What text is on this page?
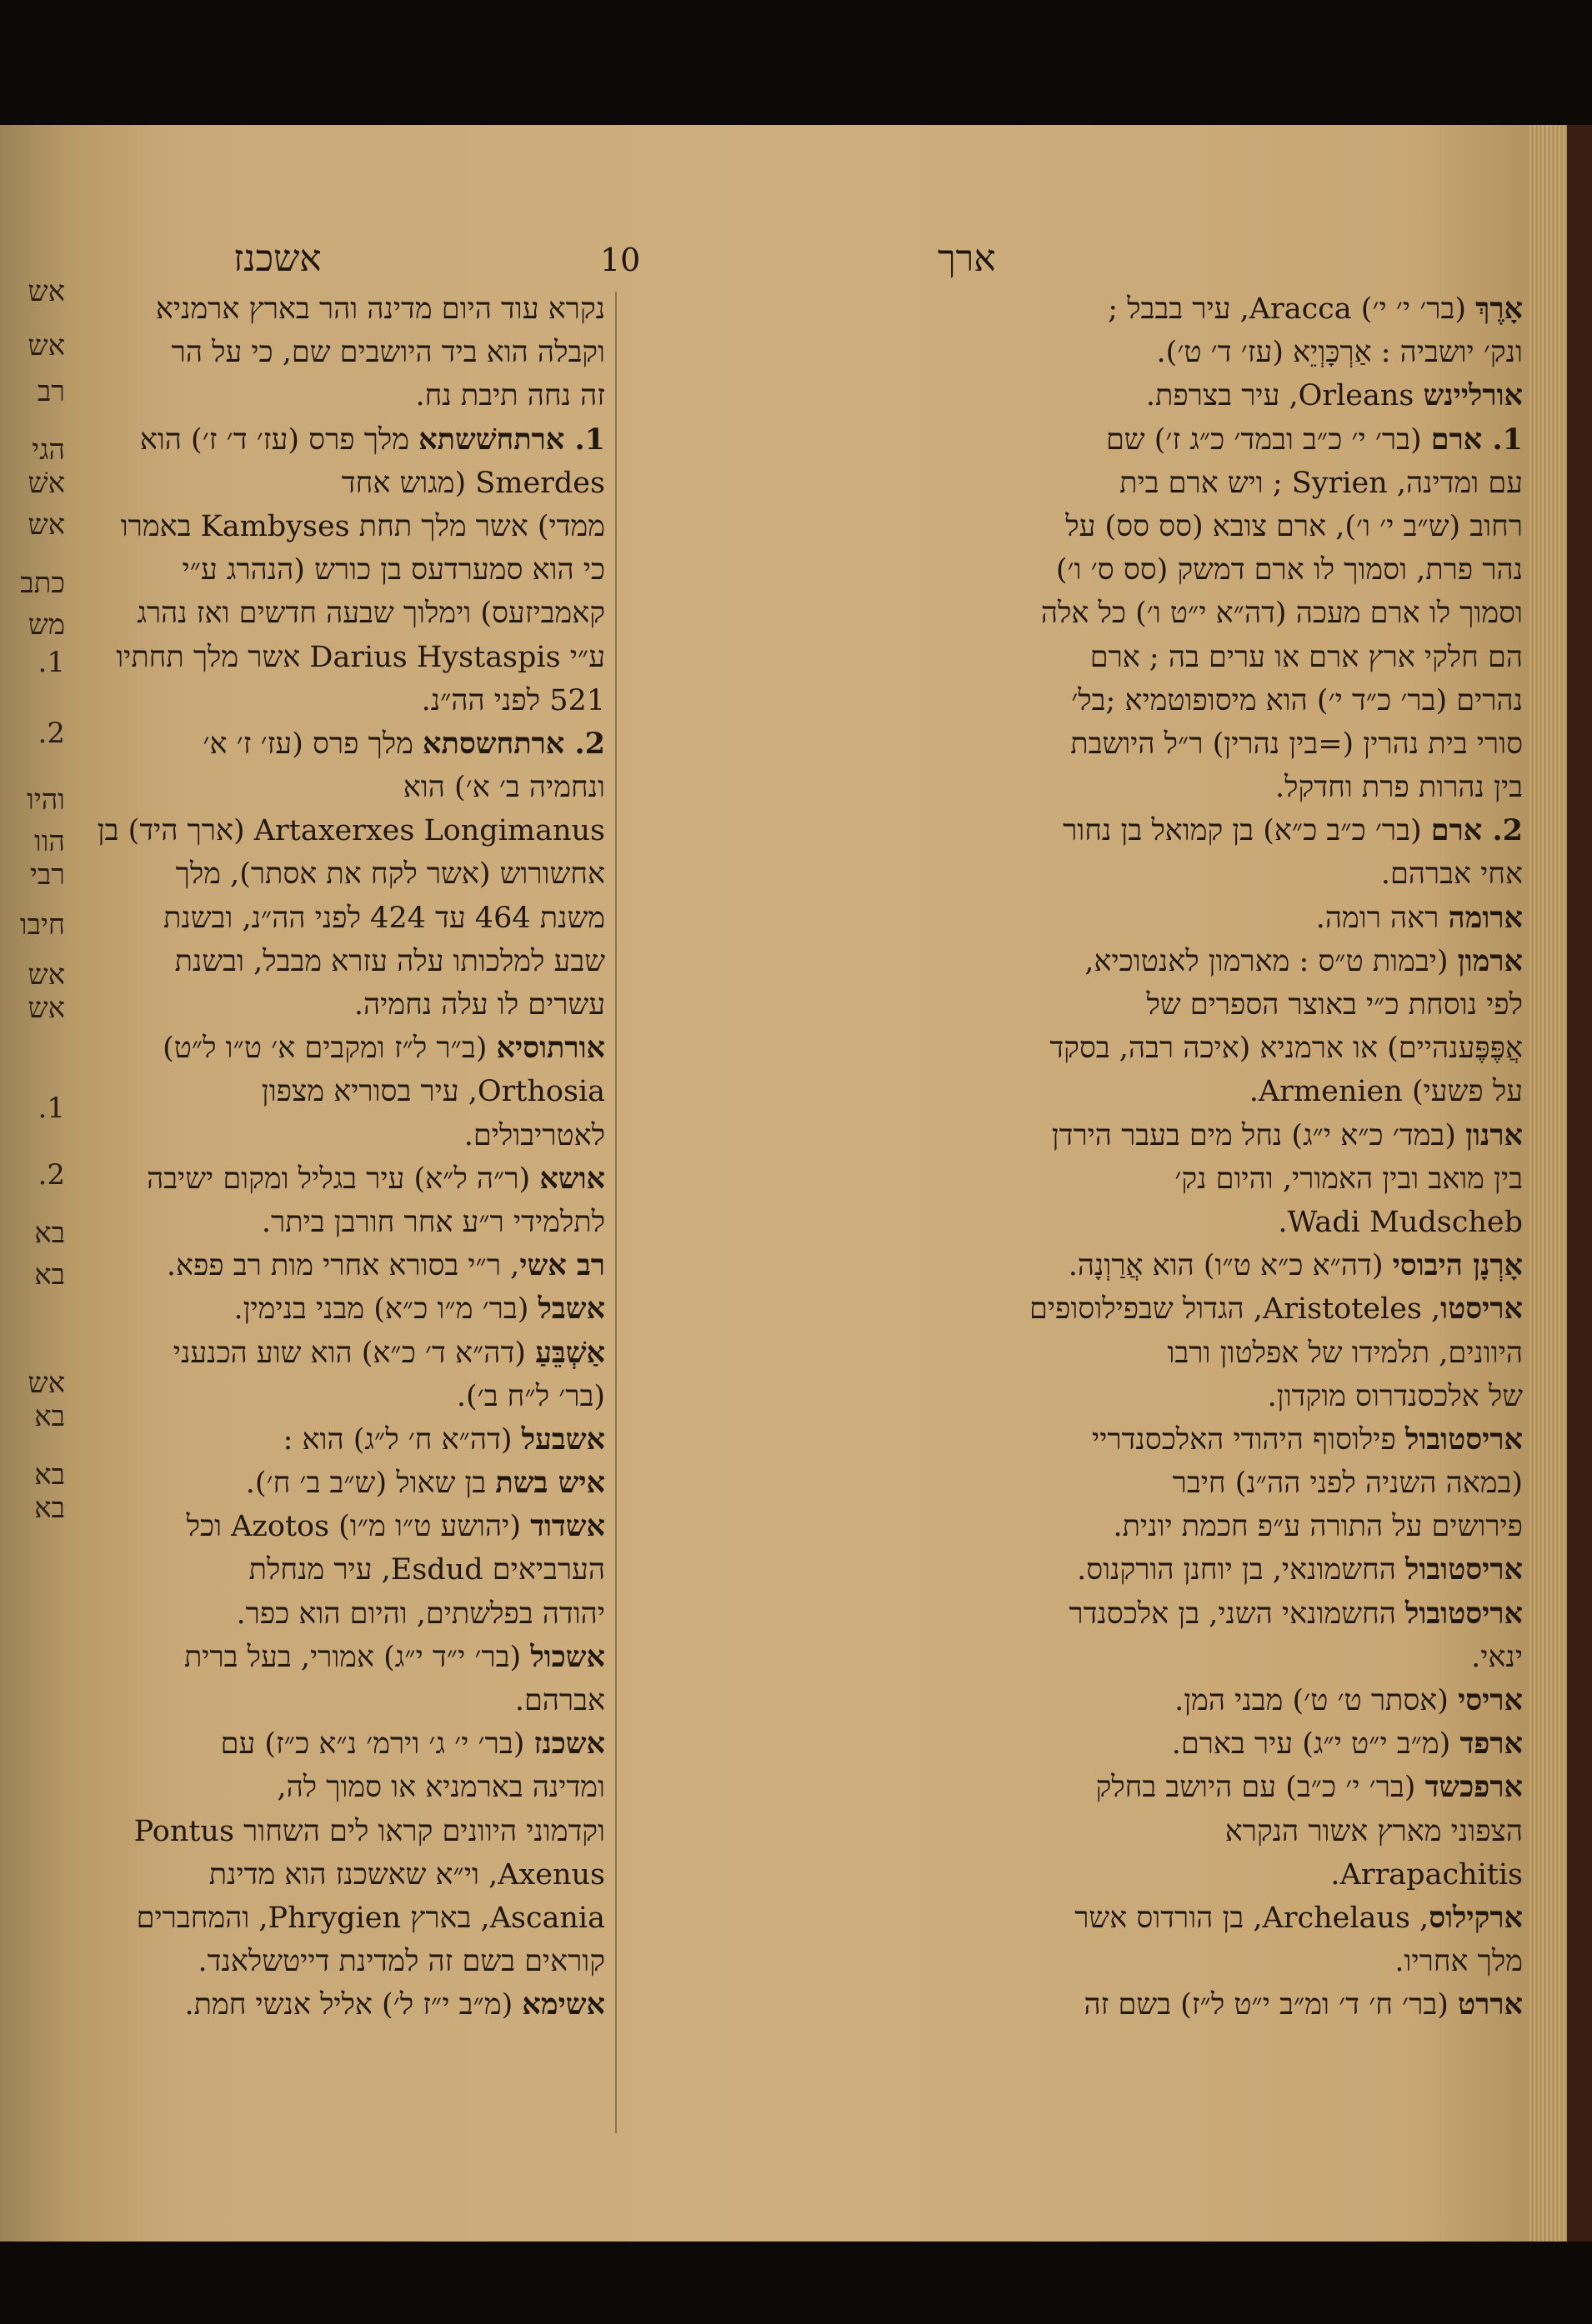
אש
אש
רב
הגי
אשׁ
אש
כתב
מש
1.
2.
והיו
הוו
רבי
חיבו
אש
אש
1.
2.
בא
בא
אש
בא
בא
בא
ארך
10
אשכנז
אָרֶךְ (בר׳ י׳ י׳) Aracca, עיר בבבל ;
ונק׳ יושביה : אַרְכָּוְיֵא (עז׳ ד׳ ט׳).
אורליינש Orleans, עיר בצרפת.
1. ארם (בר׳ י׳ כ״ב ובמד׳ כ״ג ז׳) שם
עם ומדינה, Syrien ; ויש ארם בית
רחוב (ש״ב י׳ ו׳), ארם צובא (סס סס) על
נהר פרת, וסמוך לו ארם דמשק (סס ס׳ ו׳)
וסמוך לו ארם מעכה (דה״א י״ט ו׳) כל אלה
הם חלקי ארץ ארם או ערים בה ; ארם
נהרים (בר׳ כ״ד י׳) הוא מיסופוטמיא ;בל׳
סורי בית נהרין (=בין נהרין) ר״ל היושבת
בין נהרות פרת וחדקל.
2. ארם (בר׳ כ״ב כ״א) בן קמואל בן נחור
אחי אברהם.
ארומה ראה רומה.
ארמון (יבמות ט״ס : מארמון לאנטוכיא,
לפי נוסחת כ״י באוצר הספרים של
אֲפֶּפֶּענהיים) או ארמניא (איכה רבה, בסקד
על פשעי) Armenien.
ארנון (במד׳ כ״א י״ג) נחל מים בעבר הירדן
בין מואב ובין האמורי, והיום נק׳
Wadi Mudscheb.
אָרְנָן היבוסי (דה״א כ״א ט״ו) הוא אֲרַוְנָה.
אריסטו, Aristoteles, הגדול שבפילוסופים
היוונים, תלמידו של אפלטון ורבו
של אלכסנדרוס מוקדון.
אריסטובול פילוסוף היהודי האלכסנדריי
(במאה השניה לפני הה״נ) חיבר
פירושים על התורה ע״פ חכמת יונית.
אריסטובול החשמונאי, בן יוחנן הורקנוס.
אריסטובול החשמונאי השני, בן אלכסנדר
ינאי.
אריסי (אסתר ט׳ ט׳) מבני המן.
ארפד (מ״ב י״ט י״ג) עיר בארם.
ארפכשד (בר׳ י׳ כ״ב) עם היושב בחלק
הצפוני מארץ אשור הנקרא
Arrapachitis.
ארקילוס, Archelaus, בן הורדוס אשר
מלך אחריו.
אררט (בר׳ ח׳ ד׳ ומ״ב י״ט ל״ז) בשם זה
נקרא עוד היום מדינה והר בארץ ארמניא
וקבלה הוא ביד היושבים שם, כי על הר
זה נחה תיבת נח.
1. ארתחשׁשתא מלך פרס (עז׳ ד׳ ז׳) הוא
Smerdes (מגוש אחד
ממדי) אשר מלך תחת Kambyses באמרו
כי הוא סמערדעס בן כורש (הנהרג ע״י
קאמביזעס) וימלוך שבעה חדשים ואז נהרג
ע״י Darius Hystaspis אשר מלך תחתיו
521 לפני הה״נ.
2. ארתחשסתא מלך פרס (עז׳ ז׳ א׳
ונחמיה ב׳ א׳) הוא
Artaxerxes Longimanus (ארך היד) בן
אחשורוש (אשר לקח את אסתר), מלך
משנת 464 עד 424 לפני הה״נ, ובשנת
שבע למלכותו עלה עזרא מבבל, ובשנת
עשרים לו עלה נחמיה.
אורתוסיא (ב״ר ל״ז ומקבים א׳ ט״ו ל״ט)
Orthosia, עיר בסוריא מצפון
לאטריבולים.
אושא (ר״ה ל״א) עיר בגליל ומקום ישיבה
לתלמידי ר״ע אחר חורבן ביתר.
רב אשי, ר״י בסורא אחרי מות רב פפא.
אשבל (בר׳ מ״ו כ״א) מבני בנימין.
אַשְׁבֵּעַ (דה״א ד׳ כ״א) הוא שוע הכנעני
(בר׳ ל״ח ב׳).
אשבעל (דה״א ח׳ ל״ג) הוא :
איש בשת בן שאול (ש״ב ב׳ ח׳).
אשדוד (יהושע ט״ו מ״ו) Azotos וכל
הערביאים Esdud, עיר מנחלת
יהודה בפלשתים, והיום הוא כפר.
אשכול (בר׳ י״ד י״ג) אמורי, בעל ברית
אברהם.
אשכנז (בר׳ י׳ ג׳ וירמ׳ נ״א כ״ז) עם
ומדינה בארמניא או סמוך לה,
וקדמוני היוונים קראו לים השחור Pontus
Axenus, וי״א שאשכנז הוא מדינת
Ascania, בארץ Phrygien, והמחברים
קוראים בשם זה למדינת דייטשלאנד.
אשימא (מ״ב י״ז ל׳) אליל אנשי חמת.
